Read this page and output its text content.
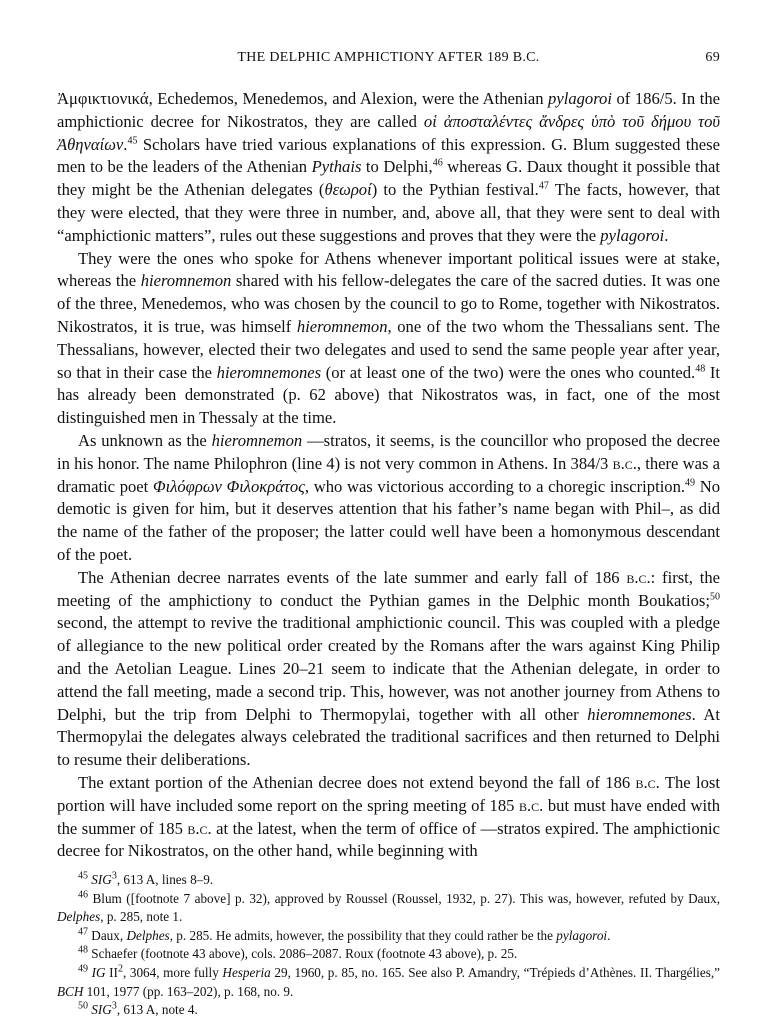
THE DELPHIC AMPHICTIONY AFTER 189 B.C.	69

Ἀμφικτιονικά, Echedemos, Menedemos, and Alexion, were the Athenian pylagoroi of 186/5. In the amphictionic decree for Nikostratos, they are called οἱ ἀποσταλέντες ἄνδρες ὑπὸ τοῦ δήμου τοῦ Ἀθηναίων.$^{45}$ Scholars have tried various explanations of this expression. G. Blum suggested these men to be the leaders of the Athenian Pythais to Delphi,$^{46}$ whereas G. Daux thought it possible that they might be the Athenian delegates (θεωροί) to the Pythian festival.$^{47}$ The facts, however, that they were elected, that they were three in number, and, above all, that they were sent to deal with “amphictionic matters”, rules out these suggestions and proves that they were the pylagoroi.

They were the ones who spoke for Athens whenever important political issues were at stake, whereas the hieromnemon shared with his fellow-delegates the care of the sacred duties. It was one of the three, Menedemos, who was chosen by the council to go to Rome, together with Nikostratos. Nikostratos, it is true, was himself hieromnemon, one of the two whom the Thessalians sent. The Thessalians, however, elected their two delegates and used to send the same people year after year, so that in their case the hieromnemones (or at least one of the two) were the ones who counted.$^{48}$ It has already been demonstrated (p. 62 above) that Nikostratos was, in fact, one of the most distinguished men in Thessaly at the time.

As unknown as the hieromnemon ‒‒stratos, it seems, is the councillor who proposed the decree in his honor. The name Philophron (line 4) is not very common in Athens. In 384/3 b.c., there was a dramatic poet Φιλόφρων Φιλοκράτος, who was victorious according to a choregic inscription.$^{49}$ No demotic is given for him, but it deserves attention that his father’s name began with Phil‒, as did the name of the father of the proposer; the latter could well have been a homonymous descendant of the poet.

The Athenian decree narrates events of the late summer and early fall of 186 b.c.: first, the meeting of the amphictiony to conduct the Pythian games in the Delphic month Boukatios;$^{50}$ second, the attempt to revive the traditional amphictionic council. This was coupled with a pledge of allegiance to the new political order created by the Romans after the wars against King Philip and the Aetolian League. Lines 20–21 seem to indicate that the Athenian delegate, in order to attend the fall meeting, made a second trip. This, however, was not another journey from Athens to Delphi, but the trip from Delphi to Thermopylai, together with all other hieromnemones. At Thermopylai the delegates always celebrated the traditional sacrifices and then returned to Delphi to resume their deliberations.

The extant portion of the Athenian decree does not extend beyond the fall of 186 b.c. The lost portion will have included some report on the spring meeting of 185 b.c. but must have ended with the summer of 185 b.c. at the latest, when the term of office of ‒‒stratos expired. The amphictionic decree for Nikostratos, on the other hand, while beginning with

$^{45}$ SIG$^3$, 613 A, lines 8–9.

$^{46}$ Blum ([footnote 7 above] p. 32), approved by Roussel (Roussel, 1932, p. 27). This was, however, refuted by Daux, Delphes, p. 285, note 1.

$^{47}$ Daux, Delphes, p. 285. He admits, however, the possibility that they could rather be the pylagoroi.

$^{48}$ Schaefer (footnote 43 above), cols. 2086–2087. Roux (footnote 43 above), p. 25.

$^{49}$ IG $II^2$, 3064, more fully Hesperia 29, 1960, p. 85, no. 165. See also P. Amandry, “Trépieds d’Athènes. II. Thargélies,” BCH 101, 1977 (pp. 163–202), p. 168, no. 9.

$^{50}$ SIG$^3$, 613 A, note 4.
